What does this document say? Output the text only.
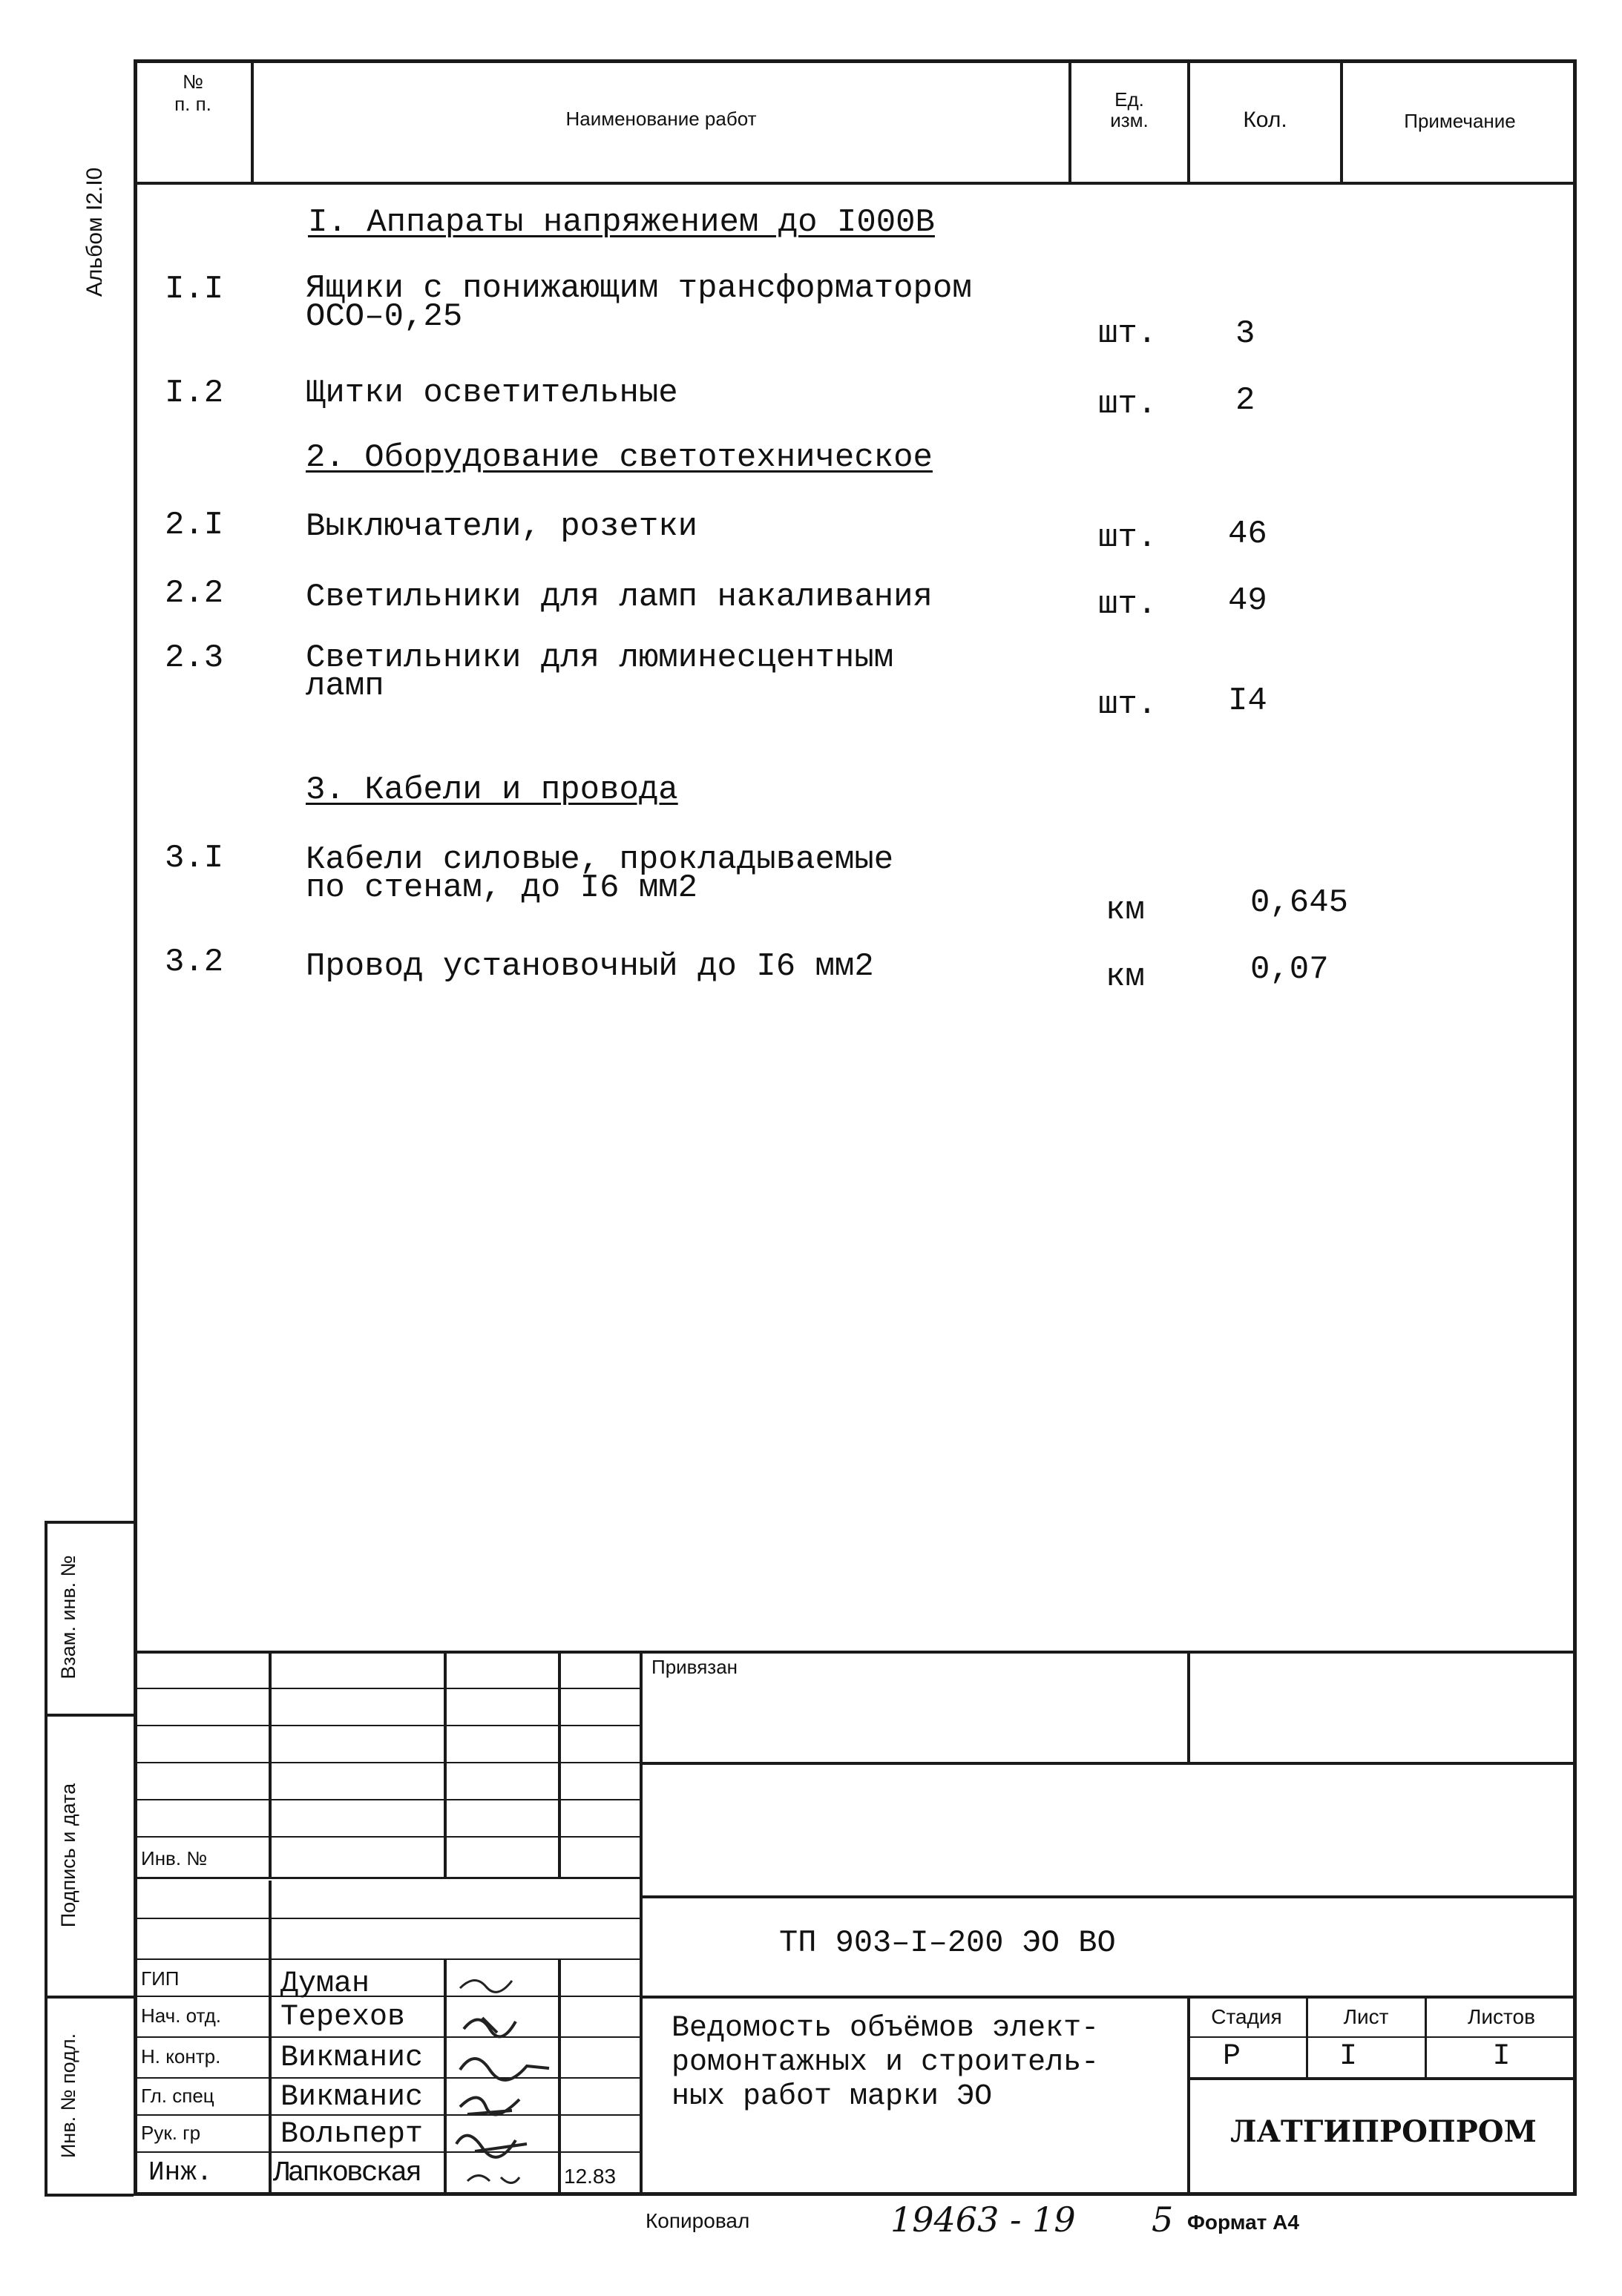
Альбом I2.I0
№
п. п.
Наименование работ
Ед.
изм.	Кол.	Примечание
I. Аппараты напряжением до I000В
I.I	Ящики с понижающим трансформатором
ОСО–0,25	шт. 3
I.2	Щитки осветительные	шт. 2
2. Оборудование светотехническое
2.I	Выключатели, розетки	шт. 46
2.2	Светильники для ламп накаливания	шт. 49
2.3	Светильники для люминесцентным
ламп	шт. I4
3. Кабели и провода
3.I	Кабели силовые, прокладываемые
по стенам, до I6 мм2
км	0,645
3.2	Провод установочный до I6 мм2	км	0,07
Взам. инв. №
Подпись и дата
Инв. № подл.
Привязан
Инв. №
ТП 903–I–200 ЭО ВО
ГИП	Думан
Нач. отд. Терехов
Н. контр. Викманис
Гл. спец Викманис
Рук. гр	Вольперт
Инж. Лапковская	12.83
Ведомость объёмов элект-
ромонтажных и строитель-
ных работ марки ЭО
Стадия	Лист	Листов
Р	I	I
ЛАТГИПРОПРОМ
Копировал	19463 - 19 5 Формат А4
